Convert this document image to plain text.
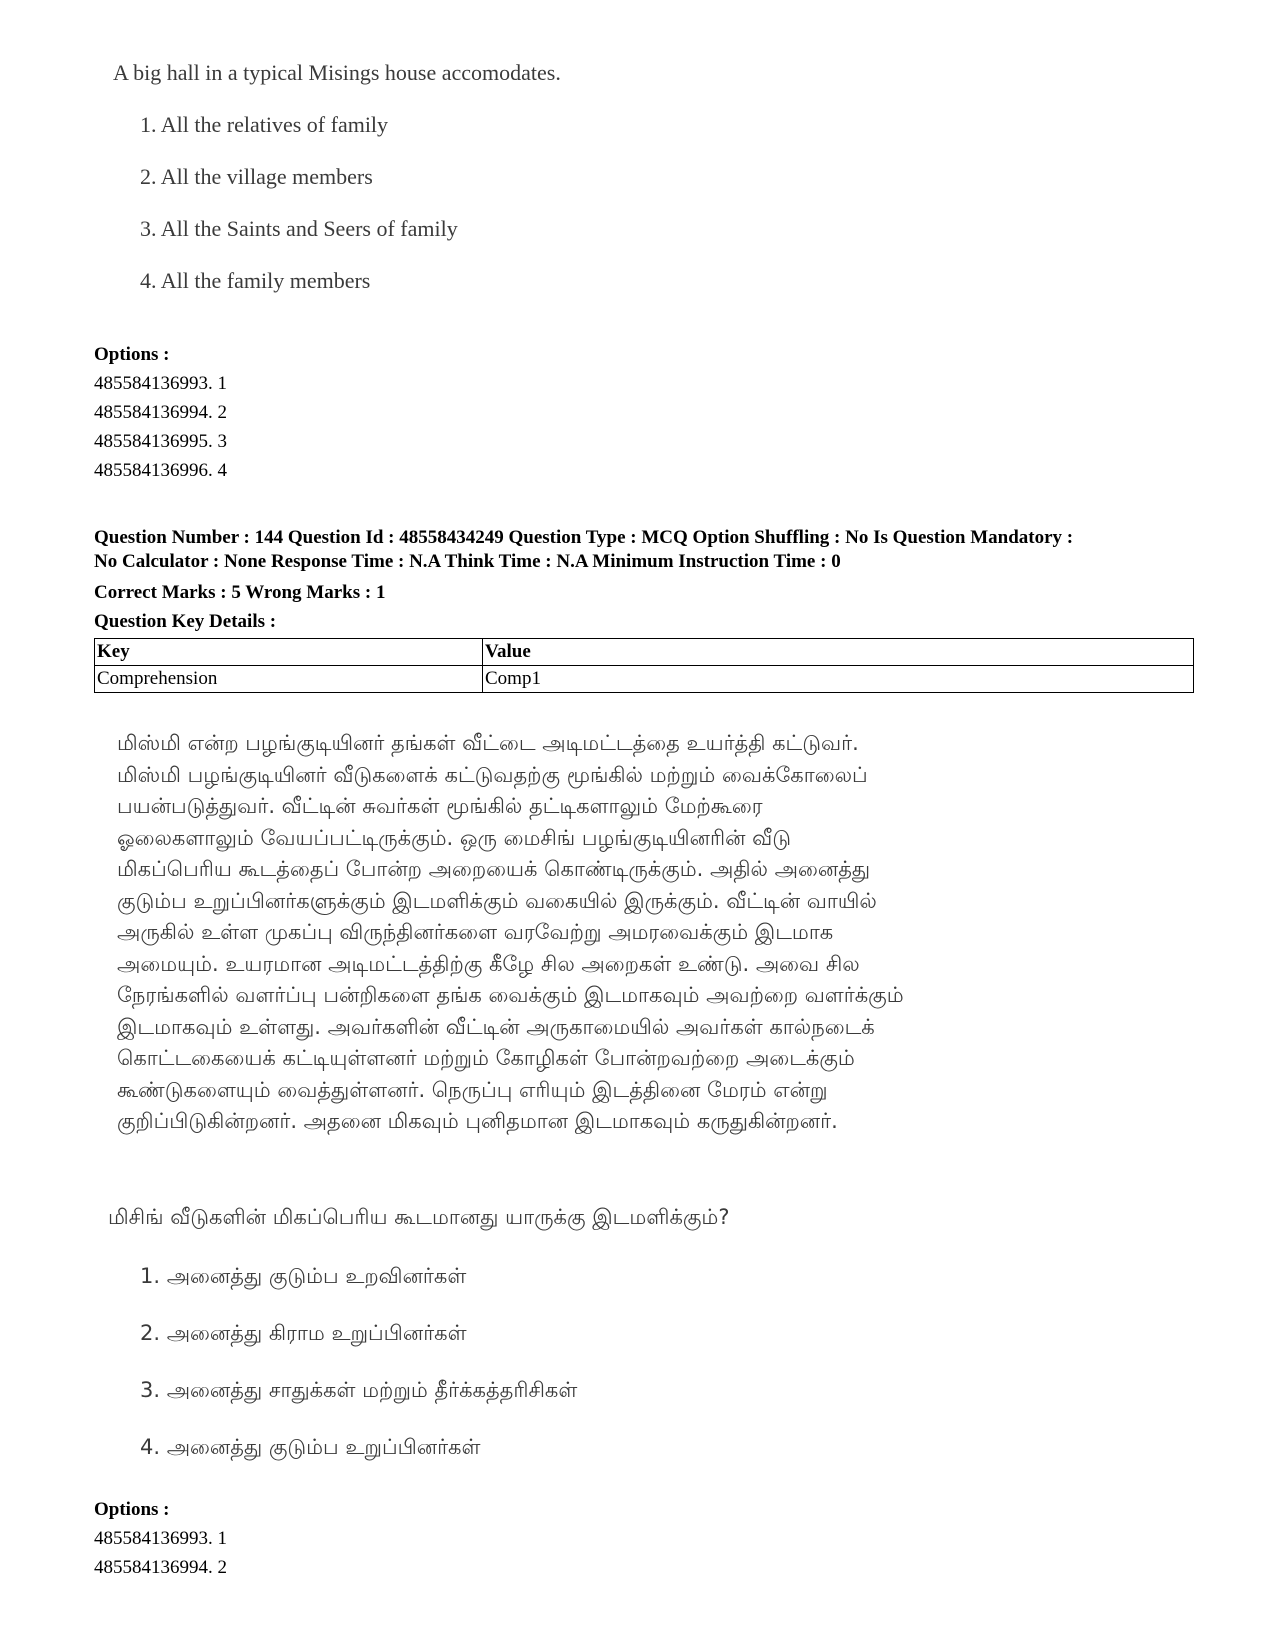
A big hall in a typical Misings house accomodates.
1. All the relatives of family
2. All the village members
3. All the Saints and Seers of family
4. All the family members
Options :
485584136993. 1
485584136994. 2
485584136995. 3
485584136996. 4

Question Number : 144 Question Id : 48558434249 Question Type : MCQ Option Shuffling : No Is Question Mandatory :

No Calculator : None Response Time : N.A Think Time : N.A Minimum Instruction Time : 0

Correct Marks : 5 Wrong Marks : 1

Question Key Details :

Key	Value
Comprehension	Comp1

மிஸ்மி என்ற பழங்குடியினர் தங்கள் வீட்டை அடிமட்டத்தை உயர்த்தி கட்டுவர்.

மிஸ்மி பழங்குடியினர் வீடுகளைக் கட்டுவதற்கு மூங்கில் மற்றும் வைக்கோலைப்

பயன்படுத்துவர். வீட்டின் சுவர்கள் மூங்கில் தட்டிகளாலும் மேற்கூரை

ஓலைகளாலும் வேயப்பட்டிருக்கும். ஒரு மைசிங் பழங்குடியினரின் வீடு

மிகப்பெரிய கூடத்தைப் போன்ற அறையைக் கொண்டிருக்கும். அதில் அனைத்து

குடும்ப உறுப்பினர்களுக்கும் இடமளிக்கும் வகையில் இருக்கும். வீட்டின் வாயில்

அருகில் உள்ள முகப்பு விருந்தினர்களை வரவேற்று அமரவைக்கும் இடமாக

அமையும். உயரமான அடிமட்டத்திற்கு கீழே சில அறைகள் உண்டு. அவை சில

நேரங்களில் வளர்ப்பு பன்றிகளை தங்க வைக்கும் இடமாகவும் அவற்றை வளர்க்கும்

இடமாகவும் உள்ளது. அவர்களின் வீட்டின் அருகாமையில் அவர்கள் கால்நடைக்

கொட்டகையைக் கட்டியுள்ளனர் மற்றும் கோழிகள் போன்றவற்றை அடைக்கும்

கூண்டுகளையும் வைத்துள்ளனர். நெருப்பு எரியும் இடத்தினை மேரம் என்று

குறிப்பிடுகின்றனர். அதனை மிகவும் புனிதமான இடமாகவும் கருதுகின்றனர்.

மிசிங் வீடுகளின் மிகப்பெரிய கூடமானது யாருக்கு இடமளிக்கும்?
1. அனைத்து குடும்ப உறவினர்கள்
2. அனைத்து கிராம உறுப்பினர்கள்
3. அனைத்து சாதுக்கள் மற்றும் தீர்க்கத்தரிசிகள்
4. அனைத்து குடும்ப உறுப்பினர்கள்
Options :
485584136993. 1
485584136994. 2
